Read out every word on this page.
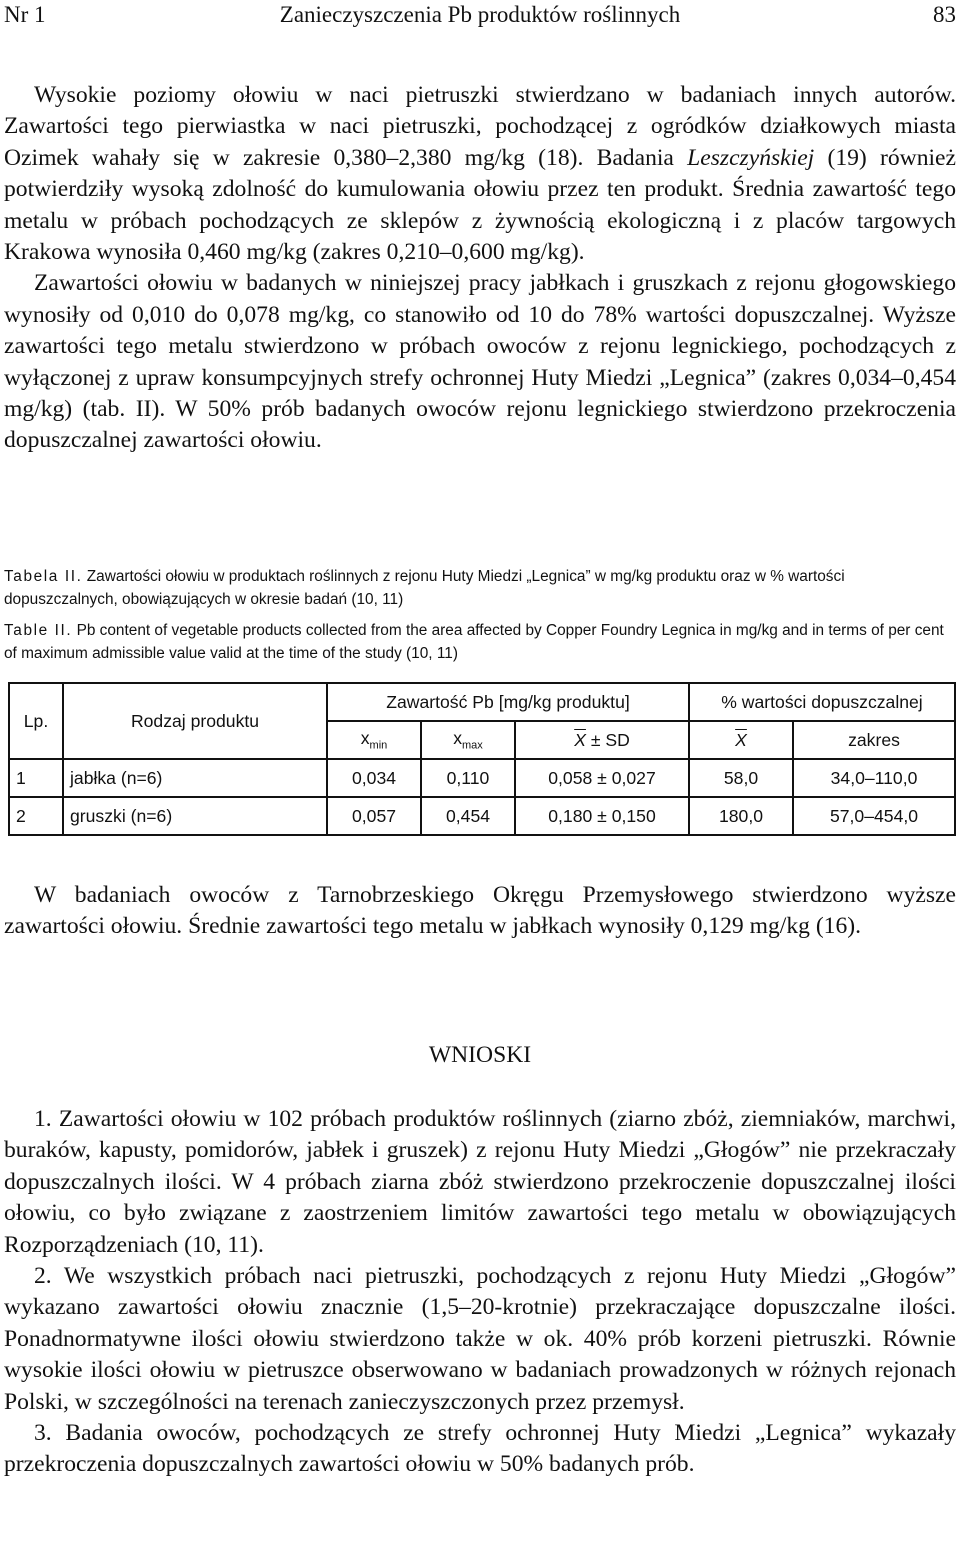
Nr 1	Zanieczyszczenia Pb produktów roślinnych	83

Wysokie poziomy ołowiu w naci pietruszki stwierdzano w badaniach innych autorów. Zawartości tego pierwiastka w naci pietruszki, pochodzącej z ogródków działkowych miasta Ozimek wahały się w zakresie 0,380–2,380 mg/kg (18). Badania Leszczyńskiej (19) również potwierdziły wysoką zdolność do kumulowania ołowiu przez ten produkt. Średnia zawartość tego metalu w próbach pochodzących ze sklepów z żywnością ekologiczną i z placów targowych Krakowa wynosiła 0,460 mg/kg (zakres 0,210–0,600 mg/kg).

Zawartości ołowiu w badanych w niniejszej pracy jabłkach i gruszkach z rejonu głogowskiego wynosiły od 0,010 do 0,078 mg/kg, co stanowiło od 10 do 78% wartości dopuszczalnej. Wyższe zawartości tego metalu stwierdzono w próbach owoców z rejonu legnickiego, pochodzących z wyłączonej z upraw konsumpcyjnych strefy ochronnej Huty Miedzi „Legnica” (zakres 0,034–0,454 mg/kg) (tab. II). W 50% prób badanych owoców rejonu legnickiego stwierdzono przekroczenia dopuszczalnej zawartości ołowiu.

Tabela II. Zawartości ołowiu w produktach roślinnych z rejonu Huty Miedzi „Legnica” w mg/kg produktu oraz w % wartości dopuszczalnych, obowiązujących w okresie badań (10, 11)

Table II. Pb content of vegetable products collected from the area affected by Copper Foundry Legnica in mg/kg and in terms of per cent of maximum admissible value valid at the time of the study (10, 11)

Lp.	Rodzaj produktu	Zawartość Pb [mg/kg produktu]			% wartości dopuszczalnej	
		$x_{min}$	$x_{max}$	$\overline{X}$ ± SD	$\overline{X}$	zakres
1	jabłka (n=6)	0,034	0,110	0,058 ± 0,027	58,0	34,0–110,0
2	gruszki (n=6)	0,057	0,454	0,180 ± 0,150	180,0	57,0–454,0

W badaniach owoców z Tarnobrzeskiego Okręgu Przemysłowego stwierdzono wyższe zawartości ołowiu. Średnie zawartości tego metalu w jabłkach wynosiły 0,129 mg/kg (16).

WNIOSKI

1. Zawartości ołowiu w 102 próbach produktów roślinnych (ziarno zbóż, ziemniaków, marchwi, buraków, kapusty, pomidorów, jabłek i gruszek) z rejonu Huty Miedzi „Głogów” nie przekraczały dopuszczalnych ilości. W 4 próbach ziarna zbóż stwierdzono przekroczenie dopuszczalnej ilości ołowiu, co było związane z zaostrzeniem limitów zawartości tego metalu w obowiązujących Rozporządzeniach (10, 11).

2. We wszystkich próbach naci pietruszki, pochodzących z rejonu Huty Miedzi „Głogów” wykazano zawartości ołowiu znacznie (1,5–20-krotnie) przekraczające dopuszczalne ilości. Ponadnormatywne ilości ołowiu stwierdzono także w ok. 40% prób korzeni pietruszki. Równie wysokie ilości ołowiu w pietruszce obserwowano w badaniach prowadzonych w różnych rejonach Polski, w szczególności na terenach zanieczyszczonych przez przemysł.

3. Badania owoców, pochodzących ze strefy ochronnej Huty Miedzi „Legnica” wykazały przekroczenia dopuszczalnych zawartości ołowiu w 50% badanych prób.
